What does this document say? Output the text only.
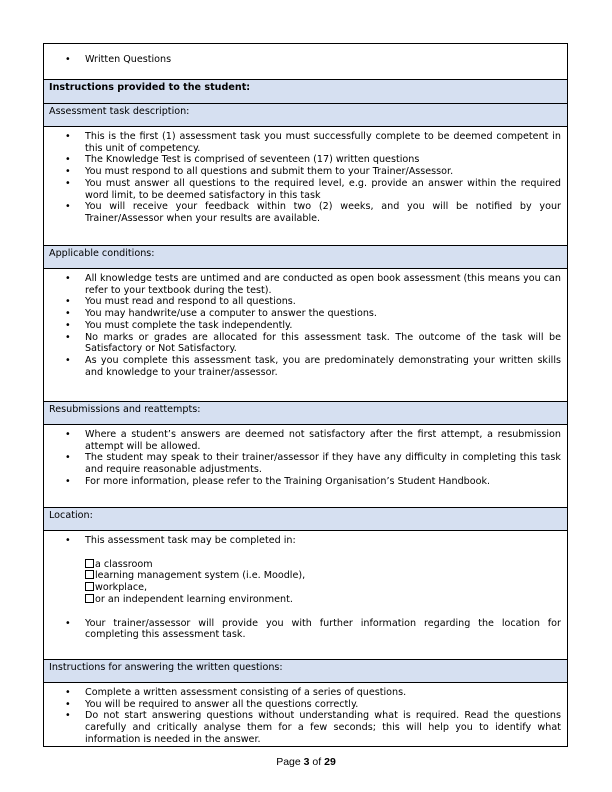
• Written Questions

Instructions provided to the student:

Assessment task description:

• This is the first (1) assessment task you must successfully complete to be deemed competent in this unit of competency.
• The Knowledge Test is comprised of seventeen (17) written questions
• You must respond to all questions and submit them to your Trainer/Assessor.
• You must answer all questions to the required level, e.g. provide an answer within the required word limit, to be deemed satisfactory in this task
• You will receive your feedback within two (2) weeks, and you will be notified by your Trainer/Assessor when your results are available.

Applicable conditions:

• All knowledge tests are untimed and are conducted as open book assessment (this means you can refer to your textbook during the test).
• You must read and respond to all questions.
• You may handwrite/use a computer to answer the questions.
• You must complete the task independently.
• No marks or grades are allocated for this assessment task. The outcome of the task will be Satisfactory or Not Satisfactory.
• As you complete this assessment task, you are predominately demonstrating your written skills and knowledge to your trainer/assessor.

Resubmissions and reattempts:

• Where a student’s answers are deemed not satisfactory after the first attempt, a resubmission attempt will be allowed.
• The student may speak to their trainer/assessor if they have any difficulty in completing this task and require reasonable adjustments.
• For more information, please refer to the Training Organisation’s Student Handbook.

Location:

• This assessment task may be completed in:
a classroom
learning management system (i.e. Moodle),
workplace,
or an independent learning environment.
• Your trainer/assessor will provide you with further information regarding the location for completing this assessment task.

Instructions for answering the written questions:

• Complete a written assessment consisting of a series of questions.
• You will be required to answer all the questions correctly.
• Do not start answering questions without understanding what is required. Read the questions carefully and critically analyse them for a few seconds; this will help you to identify what information is needed in the answer.
Page 3 of 29
